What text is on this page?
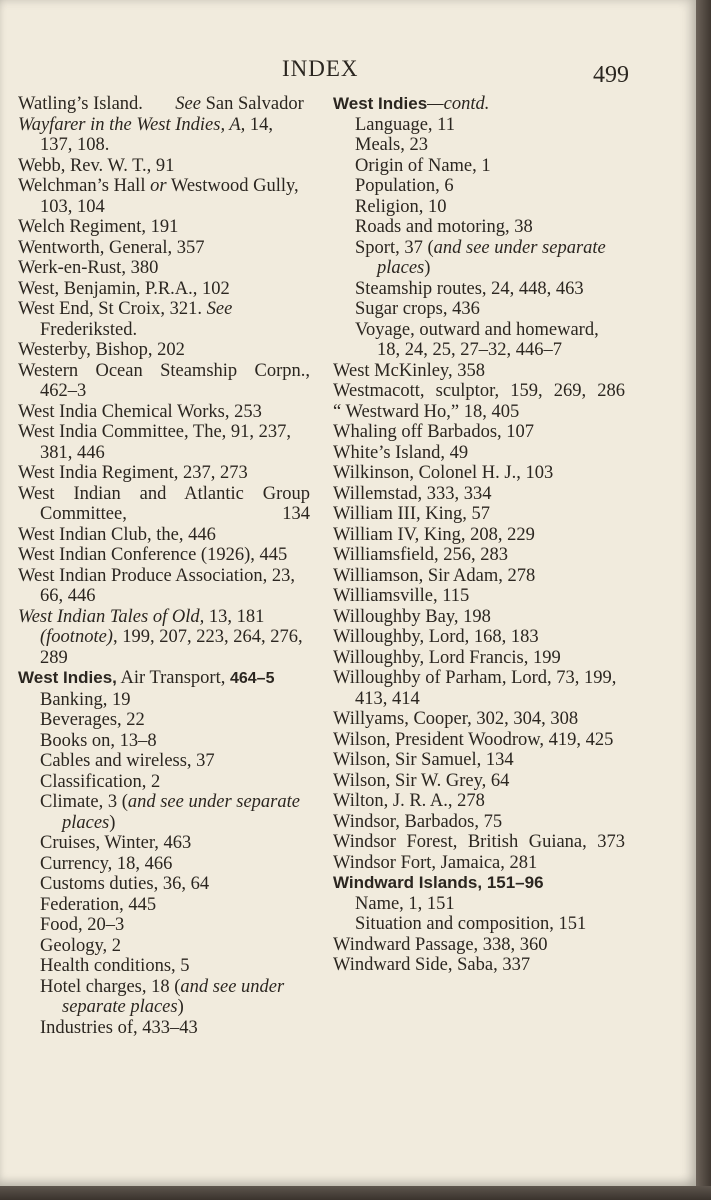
INDEX	499

Watling’s Island. See San Salvador

Wayfarer in the West Indies, A, 14, 137, 108.

Webb, Rev. W. T., 91

Welchman’s Hall or Westwood Gully, 103, 104

Welch Regiment, 191

Wentworth, General, 357

Werk-en-Rust, 380

West, Benjamin, P.R.A., 102

West End, St Croix, 321. See Frederiksted.

Westerby, Bishop, 202

Western Ocean Steamship Corpn., 462–3

West India Chemical Works, 253

West India Committee, The, 91, 237, 381, 446

West India Regiment, 237, 273

West Indian and Atlantic Group Committee, 134

West Indian Club, the, 446

West Indian Conference (1926), 445

West Indian Produce Association, 23, 66, 446

West Indian Tales of Old, 13, 181 (footnote), 199, 207, 223, 264, 276, 289

West Indies, Air Transport, 464–5

Banking, 19

Beverages, 22

Books on, 13–8

Cables and wireless, 37

Classification, 2

Climate, 3 (and see under separate places)

Cruises, Winter, 463

Currency, 18, 466

Customs duties, 36, 64

Federation, 445

Food, 20–3

Geology, 2

Health conditions, 5

Hotel charges, 18 (and see under separate places)

Industries of, 433–43

West Indies—contd.

Language, 11

Meals, 23

Origin of Name, 1

Population, 6

Religion, 10

Roads and motoring, 38

Sport, 37 (and see under separate places)

Steamship routes, 24, 448, 463

Sugar crops, 436

Voyage, outward and homeward, 18, 24, 25, 27–32, 446–7

West McKinley, 358

Westmacott, sculptor, 159, 269, 286

“ Westward Ho,” 18, 405

Whaling off Barbados, 107

White’s Island, 49

Wilkinson, Colonel H. J., 103

Willemstad, 333, 334

William III, King, 57

William IV, King, 208, 229

Williamsfield, 256, 283

Williamson, Sir Adam, 278

Williamsville, 115

Willoughby Bay, 198

Willoughby, Lord, 168, 183

Willoughby, Lord Francis, 199

Willoughby of Parham, Lord, 73, 199, 413, 414

Willyams, Cooper, 302, 304, 308

Wilson, President Woodrow, 419, 425

Wilson, Sir Samuel, 134

Wilson, Sir W. Grey, 64

Wilton, J. R. A., 278

Windsor, Barbados, 75

Windsor Forest, British Guiana, 373

Windsor Fort, Jamaica, 281

Windward Islands, 151–96

Name, 1, 151

Situation and composition, 151

Windward Passage, 338, 360

Windward Side, Saba, 337
